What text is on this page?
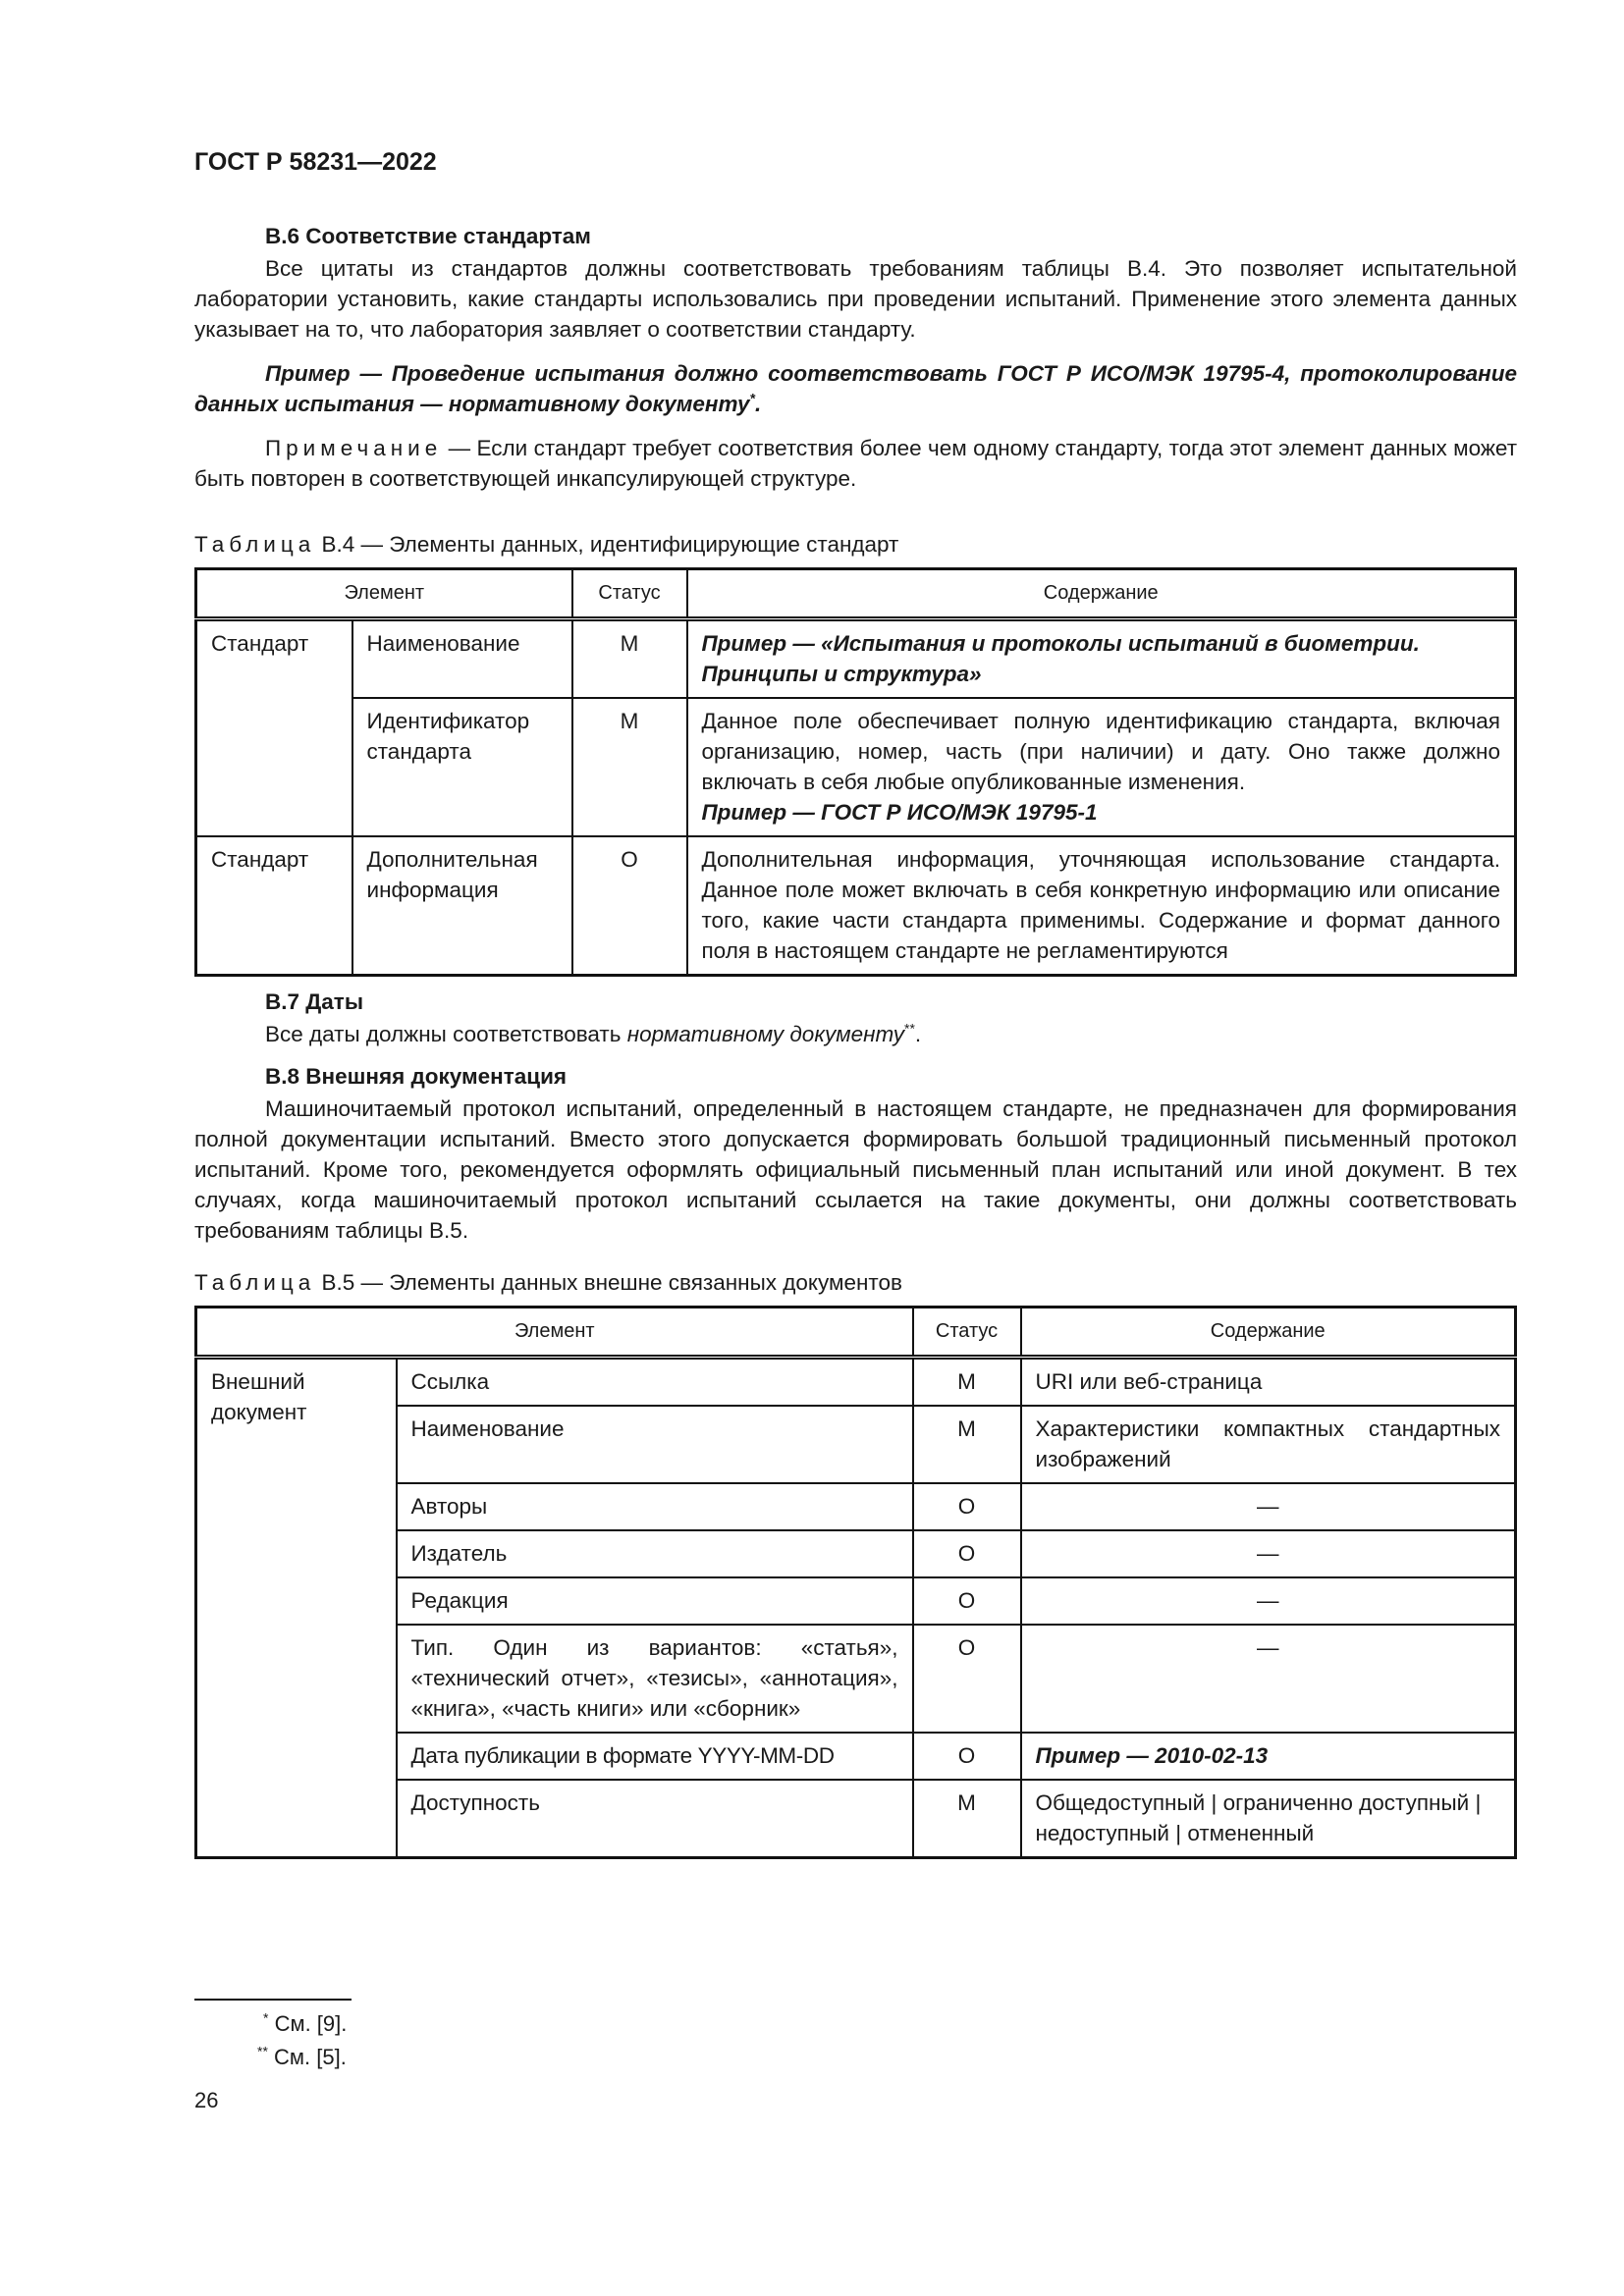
ГОСТ Р 58231—2022
В.6 Соответствие стандартам

Все цитаты из стандартов должны соответствовать требованиям таблицы В.4. Это позволяет испытательной лаборатории установить, какие стандарты использовались при проведении испытаний. Применение этого элемента данных указывает на то, что лаборатория заявляет о соответствии стандарту.

Пример — Проведение испытания должно соответствовать ГОСТ Р ИСО/МЭК 19795-4, протоколирование данных испытания — нормативному документу*.

Примечание — Если стандарт требует соответствия более чем одному стандарту, тогда этот элемент данных может быть повторен в соответствующей инкапсулирующей структуре.

Таблица В.4 — Элементы данных, идентифицирующие стандарт

Элемент		Статус	Содержание
Стандарт	Наименование	М	Пример — «Испытания и протоколы испытаний в биометрии. Принципы и структура»
	Идентификатор стандарта	М	Данное поле обеспечивает полную идентификацию стандарта, включая организацию, номер, часть (при наличии) и дату. Оно также должно включать в себя любые опубликованные изменения.
Пример — ГОСТ Р ИСО/МЭК 19795-1

Стандарт	Дополнительная информация	О	Дополнительная информация, уточняющая использование стандарта. Данное поле может включать в себя конкретную информацию или описание того, какие части стандарта применимы. Содержание и формат данного поля в настоящем стандарте не регламентируются
В.7 Даты

Все даты должны соответствовать нормативному документу**.

В.8 Внешняя документация

Машиночитаемый протокол испытаний, определенный в настоящем стандарте, не предназначен для формирования полной документации испытаний. Вместо этого допускается формировать большой традиционный письменный протокол испытаний. Кроме того, рекомендуется оформлять официальный письменный план испытаний или иной документ. В тех случаях, когда машиночитаемый протокол испытаний ссылается на такие документы, они должны соответствовать требованиям таблицы В.5.

Таблица В.5 — Элементы данных внешне связанных документов

Элемент		Статус	Содержание
Внешний документ	Ссылка	М	URI или веб-страница
	Наименование	М	Характеристики компактных стандартных изображений
	Авторы	О	—
	Издатель	О	—
	Редакция	О	—
	Тип. Один из вариантов: «статья», «технический отчет», «тезисы», «аннотация», «книга», «часть книги» или «сборник»	О	—
	Дата публикации в формате YYYY-MM-DD	О	Пример — 2010-02-13
	Доступность	М	Общедоступный | ограниченно доступный | недоступный | отмененный
* См. [9].
** См. [5].
26
